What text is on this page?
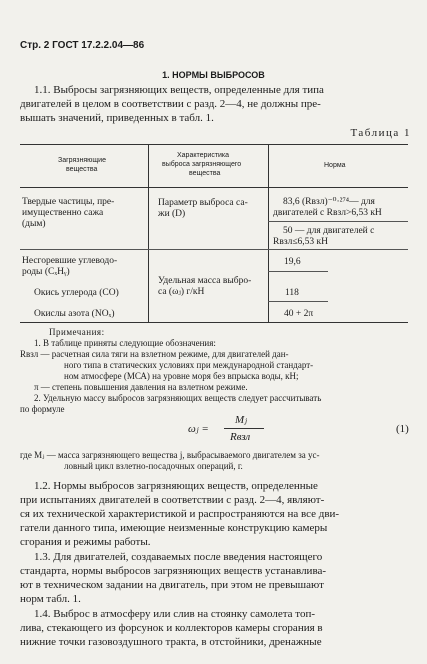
Стр. 2 ГОСТ 17.2.2.04—86
1. НОРМЫ ВЫБРОСОВ
1.1. Выбросы загрязняющих веществ, определенные для типа
двигателей в целом в соответствии с разд. 2—4, не должны пре-
вышать значений, приведенных в табл. 1.
Таблица 1
Загрязняющие
вещества
Характеристика
выброса загрязняющего
вещества
Норма
Твердые частицы, пре-
имущественно сажа
(дым)
Параметр выброса са-
жи (D)
83,6 (Rвзл)⁻⁰·²⁷⁴— для
двигателей с Rвзл>6,53 кН
50 — для двигателей с
Rвзл≤6,53 кН
Несгоревшие углеводо-
роды (CₓHᵧ)
19,6
Удельная масса выбро-
са (ωⱼ) г/кН
Окись углерода (CO)	118
Окислы азота (NOₓ)	40 + 2π
Примечания:
1. В таблице приняты следующие обозначения:
Rвзл — расчетная сила тяги на взлетном режиме, для двигателей дан-
ного типа в статических условиях при международной стандарт-
ном атмосфере (МСА) на уровне моря без впрыска воды, кН;
π — степень повышения давления на взлетном режиме.
2. Удельную массу выбросов загрязняющих веществ следует рассчитывать
по формуле
ωⱼ =
Mⱼ
Rвзл
(1)
где Mⱼ — масса загрязняющего вещества j, выбрасываемого двигателем за ус-
ловный цикл взлетно-посадочных операций, г.
1.2. Нормы выбросов загрязняющих веществ, определенные
при испытаниях двигателей в соответствии с разд. 2—4, являют-
ся их технической характеристикой и распространяются на все дви-
гатели данного типа, имеющие неизменные конструкцию камеры
сгорания и режимы работы.
1.3. Для двигателей, создаваемых после введения настоящего
стандарта, нормы выбросов загрязняющих веществ устанавлива-
ют в техническом задании на двигатель, при этом не превышают
норм табл. 1.
1.4. Выброс в атмосферу или слив на стоянку самолета топ-
лива, стекающего из форсунок и коллекторов камеры сгорания в
нижние точки газовоздушного тракта, в отстойники, дренажные
